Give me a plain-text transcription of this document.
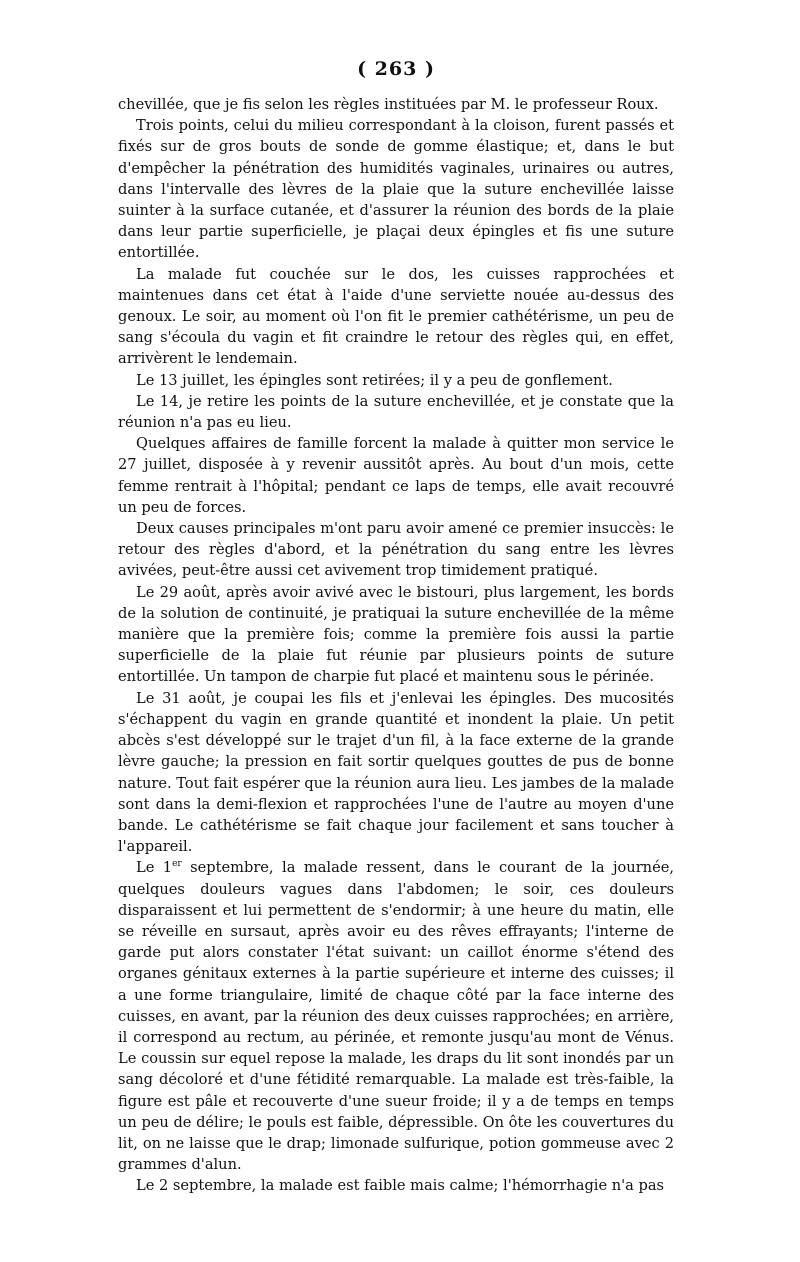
( 263 )

chevillée, que je fis selon les règles instituées par M. le professeur Roux.

Trois points, celui du milieu correspondant à la cloison, furent passés et fixés sur de gros bouts de sonde de gomme élastique; et, dans le but d'empêcher la pénétration des humidités vaginales, urinaires ou autres, dans l'intervalle des lèvres de la plaie que la suture enchevillée laisse suinter à la surface cutanée, et d'assurer la réunion des bords de la plaie dans leur partie superficielle, je plaçai deux épingles et fis une suture entortillée.

La malade fut couchée sur le dos, les cuisses rapprochées et maintenues dans cet état à l'aide d'une serviette nouée au-dessus des genoux. Le soir, au moment où l'on fit le premier cathétérisme, un peu de sang s'écoula du vagin et fit craindre le retour des règles qui, en effet, arrivèrent le lendemain.

Le 13 juillet, les épingles sont retirées; il y a peu de gonflement.

Le 14, je retire les points de la suture enchevillée, et je constate que la réunion n'a pas eu lieu.

Quelques affaires de famille forcent la malade à quitter mon service le 27 juillet, disposée à y revenir aussitôt après. Au bout d'un mois, cette femme rentrait à l'hôpital; pendant ce laps de temps, elle avait recouvré un peu de forces.

Deux causes principales m'ont paru avoir amené ce premier insuccès: le retour des règles d'abord, et la pénétration du sang entre les lèvres avivées, peut-être aussi cet avivement trop timidement pratiqué.

Le 29 août, après avoir avivé avec le bistouri, plus largement, les bords de la solution de continuité, je pratiquai la suture enchevillée de la même manière que la première fois; comme la première fois aussi la partie superficielle de la plaie fut réunie par plusieurs points de suture entortillée. Un tampon de charpie fut placé et maintenu sous le périnée.

Le 31 août, je coupai les fils et j'enlevai les épingles. Des mucosités s'échappent du vagin en grande quantité et inondent la plaie. Un petit abcès s'est développé sur le trajet d'un fil, à la face externe de la grande lèvre gauche; la pression en fait sortir quelques gouttes de pus de bonne nature. Tout fait espérer que la réunion aura lieu. Les jambes de la malade sont dans la demi-flexion et rapprochées l'une de l'autre au moyen d'une bande. Le cathétérisme se fait chaque jour facilement et sans toucher à l'appareil.

Le 1er septembre, la malade ressent, dans le courant de la journée, quelques douleurs vagues dans l'abdomen; le soir, ces douleurs disparaissent et lui permettent de s'endormir; à une heure du matin, elle se réveille en sursaut, après avoir eu des rêves effrayants; l'interne de garde put alors constater l'état suivant: un caillot énorme s'étend des organes génitaux externes à la partie supérieure et interne des cuisses; il a une forme triangulaire, limité de chaque côté par la face interne des cuisses, en avant, par la réunion des deux cuisses rapprochées; en arrière, il correspond au rectum, au périnée, et remonte jusqu'au mont de Vénus. Le coussin sur equel repose la malade, les draps du lit sont inondés par un sang décoloré et d'une fétidité remarquable. La malade est très-faible, la figure est pâle et recouverte d'une sueur froide; il y a de temps en temps un peu de délire; le pouls est faible, dépressible. On ôte les couvertures du lit, on ne laisse que le drap; limonade sulfurique, potion gommeuse avec 2 grammes d'alun.

Le 2 septembre, la malade est faible mais calme; l'hémorrhagie n'a pas
